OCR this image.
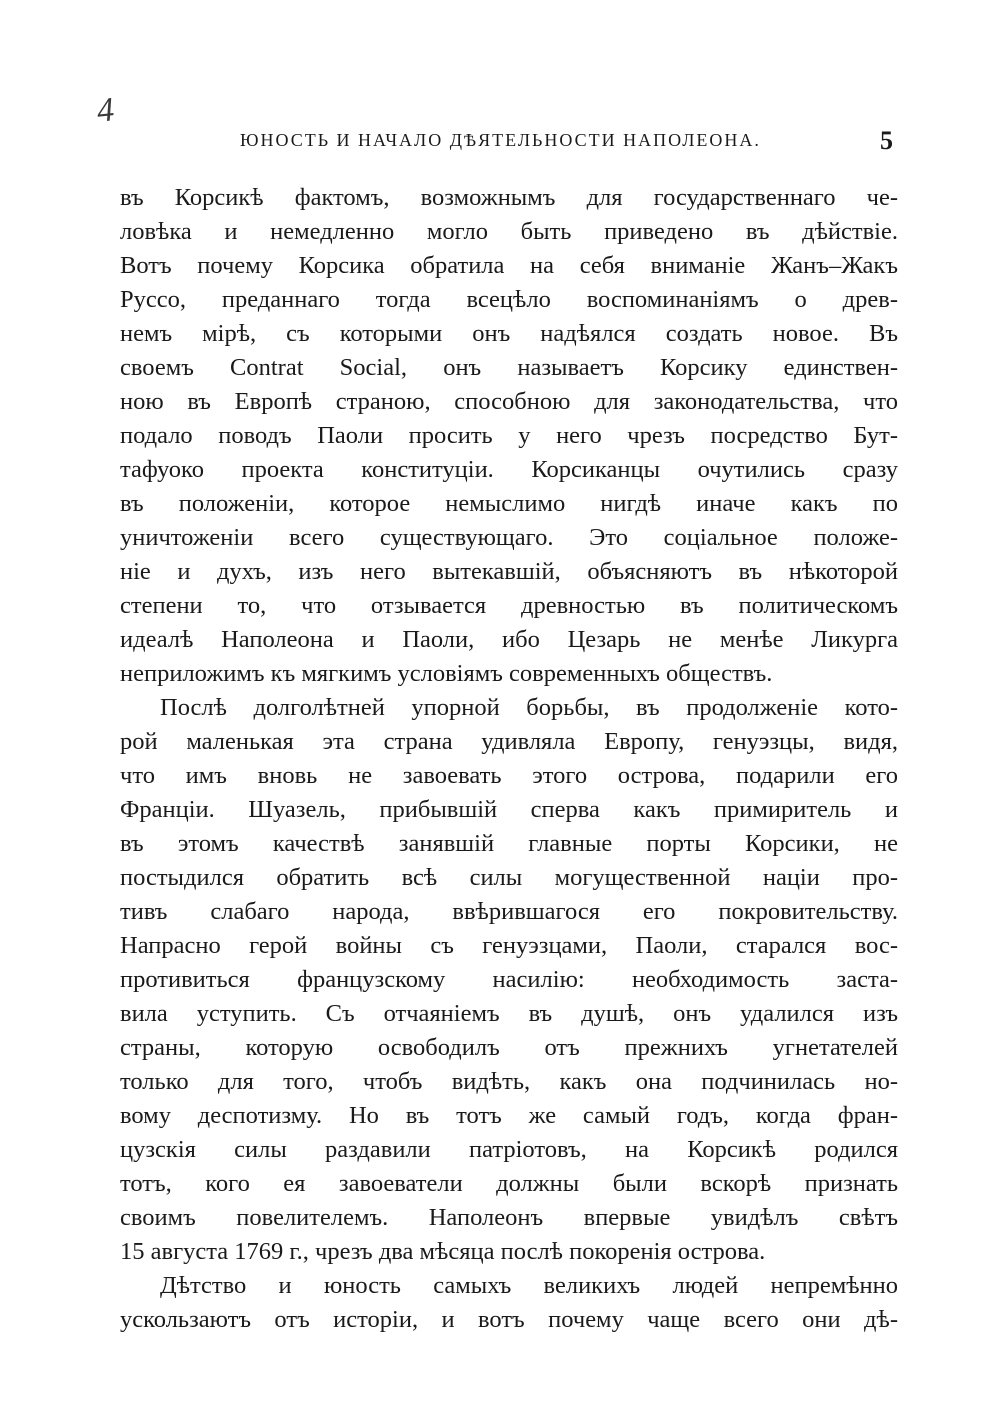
4
ЮНОСТЬ И НАЧАЛО ДѢЯТЕЛЬНОСТИ НАПОЛЕОНА.	5
въ Корсикѣ фактомъ, возможнымъ для государственнаго че-
ловѣка и немедленно могло быть приведено въ дѣйствiе.
Вотъ почему Корсика обратила на себя вниманiе Жанъ–Жакъ
Руссо, преданнаго тогда всецѣло воспоминанiямъ о древ-
немъ мiрѣ, съ которыми онъ надѣялся создать новое. Въ
своемъ Contrat Social, онъ называетъ Корсику единствен-
ною въ Европѣ страною, способною для законодательства, что
подало поводъ Паоли просить у него чрезъ посредство Бут-
тафуоко проекта конституцiи. Корсиканцы очутились сразу
въ положенiи, которое немыслимо нигдѣ иначе какъ по
уничтоженiи всего существующаго. Это соцiальное положе-
нiе и духъ, изъ него вытекавшiй, объясняютъ въ нѣкоторой
степени то, что отзывается древностью въ политическомъ
идеалѣ Наполеона и Паоли, ибо Цезарь не менѣе Ликурга
неприложимъ къ мягкимъ условiямъ современныхъ обществъ.
Послѣ долголѣтней упорной борьбы, въ продолженiе кото-
рой маленькая эта страна удивляла Европу, генуэзцы, видя,
что имъ вновь не завоевать этого острова, подарили его
Францiи. Шуазель, прибывшiй сперва какъ примиритель и
въ этомъ качествѣ занявшiй главные порты Корсики, не
постыдился обратить всѣ силы могущественной нацiи про-
тивъ слабаго народа, ввѣрившагося его покровительству.
Напрасно герой войны съ генуэзцами, Паоли, старался вос-
противиться французскому насилiю: необходимость заста-
вила уступить. Съ отчаянiемъ въ душѣ, онъ удалился изъ
страны, которую освободилъ отъ прежнихъ угнетателей
только для того, чтобъ видѣть, какъ она подчинилась но-
вому деспотизму. Но въ тотъ же самый годъ, когда фран-
цузскiя силы раздавили патрiотовъ, на Корсикѣ родился
тотъ, кого ея завоеватели должны были вскорѣ признать
своимъ повелителемъ. Наполеонъ впервые увидѣлъ свѣтъ
15 августа 1769 г., чрезъ два мѣсяца послѣ покоренiя острова.
Дѣтство и юность самыхъ великихъ людей непремѣнно
ускользаютъ отъ исторiи, и вотъ почему чаще всего они дѣ-
